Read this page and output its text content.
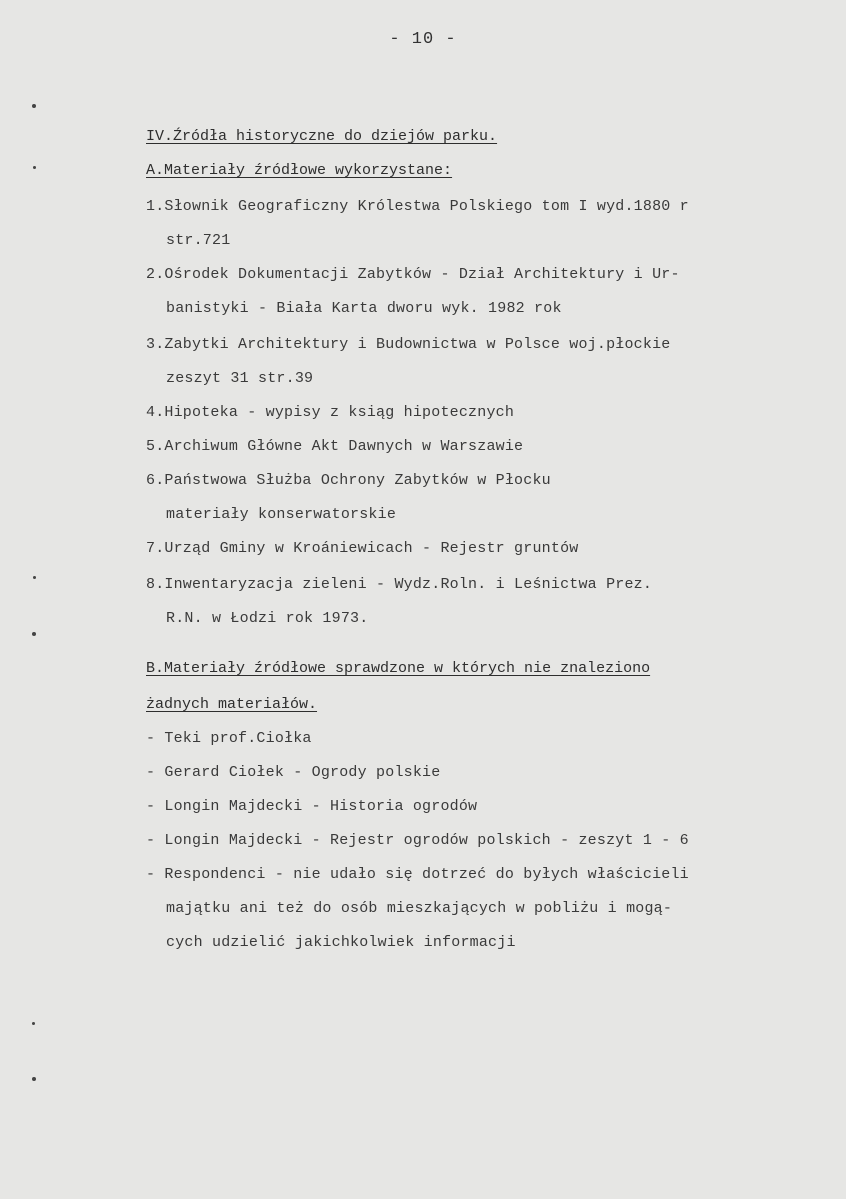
- 10 -
IV.Źródła historyczne do dziejów parku.
A.Materiały źródłowe wykorzystane:
1.Słownik Geograficzny Królestwa Polskiego tom I wyd.1880 r
str.721
2.Ośrodek Dokumentacji Zabytków - Dział Architektury i Ur-
banistyki - Biała Karta dworu wyk. 1982 rok
3.Zabytki Architektury i Budownictwa w Polsce woj.płockie
zeszyt 31 str.39
4.Hipoteka - wypisy z ksiąg hipotecznych
5.Archiwum Główne Akt Dawnych w Warszawie
6.Państwowa Służba Ochrony Zabytków w Płocku
materiały konserwatorskie
7.Urząd Gminy w Kroániewicach - Rejestr gruntów
8.Inwentaryzacja zieleni - Wydz.Roln. i Leśnictwa Prez.
R.N. w Łodzi rok 1973.
B.Materiały źródłowe sprawdzone w których nie znaleziono
żadnych materiałów.
- Teki prof.Ciołka
- Gerard Ciołek - Ogrody polskie
- Longin Majdecki - Historia ogrodów
- Longin Majdecki - Rejestr ogrodów polskich - zeszyt 1 - 6
- Respondenci - nie udało się dotrzeć do byłych właścicieli
majątku ani też do osób mieszkających w pobliżu i mogą-
cych udzielić jakichkolwiek informacji
